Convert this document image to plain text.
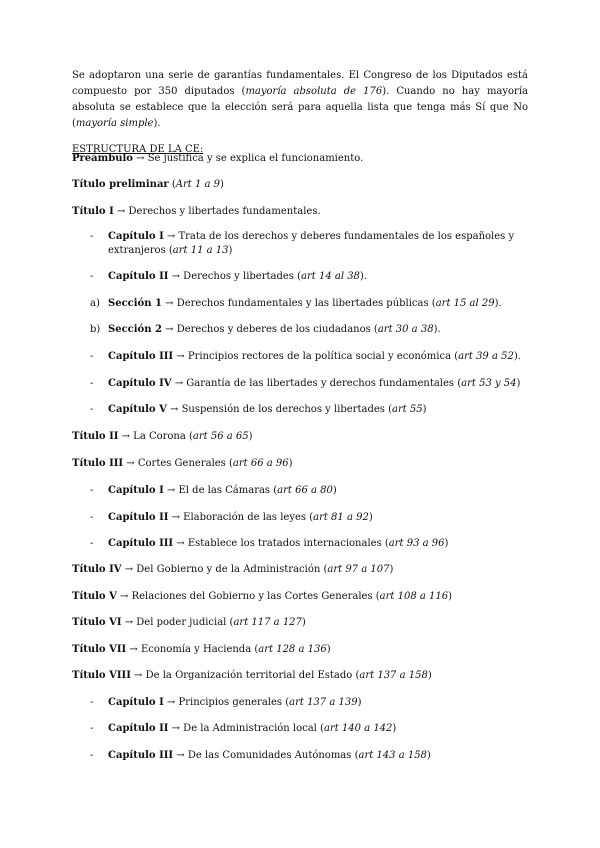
Se adoptaron una serie de garantías fundamentales. El Congreso de los Diputados está compuesto por 350 diputados (mayoría absoluta de 176). Cuando no hay mayoría absoluta se establece que la elección será para aquella lista que tenga más Sí que No (mayoría simple).

ESTRUCTURA DE LA CE:

Preámbulo → Se justifica y se explica el funcionamiento.
Título preliminar (Art 1 a 9)
Título I → Derechos y libertades fundamentales.
- Capítulo I → Trata de los derechos y deberes fundamentales de los españoles y extranjeros (art 11 a 13)
- Capítulo II → Derechos y libertades (art 14 al 38).
a) Sección 1 → Derechos fundamentales y las libertades públicas (art 15 al 29).
b) Sección 2 → Derechos y deberes de los ciudadanos (art 30 a 38).
- Capítulo III → Principios rectores de la política social y económica (art 39 a 52).
- Capítulo IV → Garantía de las libertades y derechos fundamentales (art 53 y 54)
- Capítulo V → Suspensión de los derechos y libertades (art 55)
Título II → La Corona (art 56 a 65)
Título III → Cortes Generales (art 66 a 96)
- Capítulo I → El de las Cámaras (art 66 a 80)
- Capítulo II → Elaboración de las leyes (art 81 a 92)
- Capítulo III → Establece los tratados internacionales (art 93 a 96)
Título IV → Del Gobierno y de la Administración (art 97 a 107)
Título V → Relaciones del Gobierno y las Cortes Generales (art 108 a 116)
Título VI → Del poder judicial (art 117 a 127)
Título VII → Economía y Hacienda (art 128 a 136)
Título VIII → De la Organización territorial del Estado (art 137 a 158)
- Capítulo I → Principios generales (art 137 a 139)
- Capítulo II → De la Administración local (art 140 a 142)
- Capítulo III → De las Comunidades Autónomas (art 143 a 158)
